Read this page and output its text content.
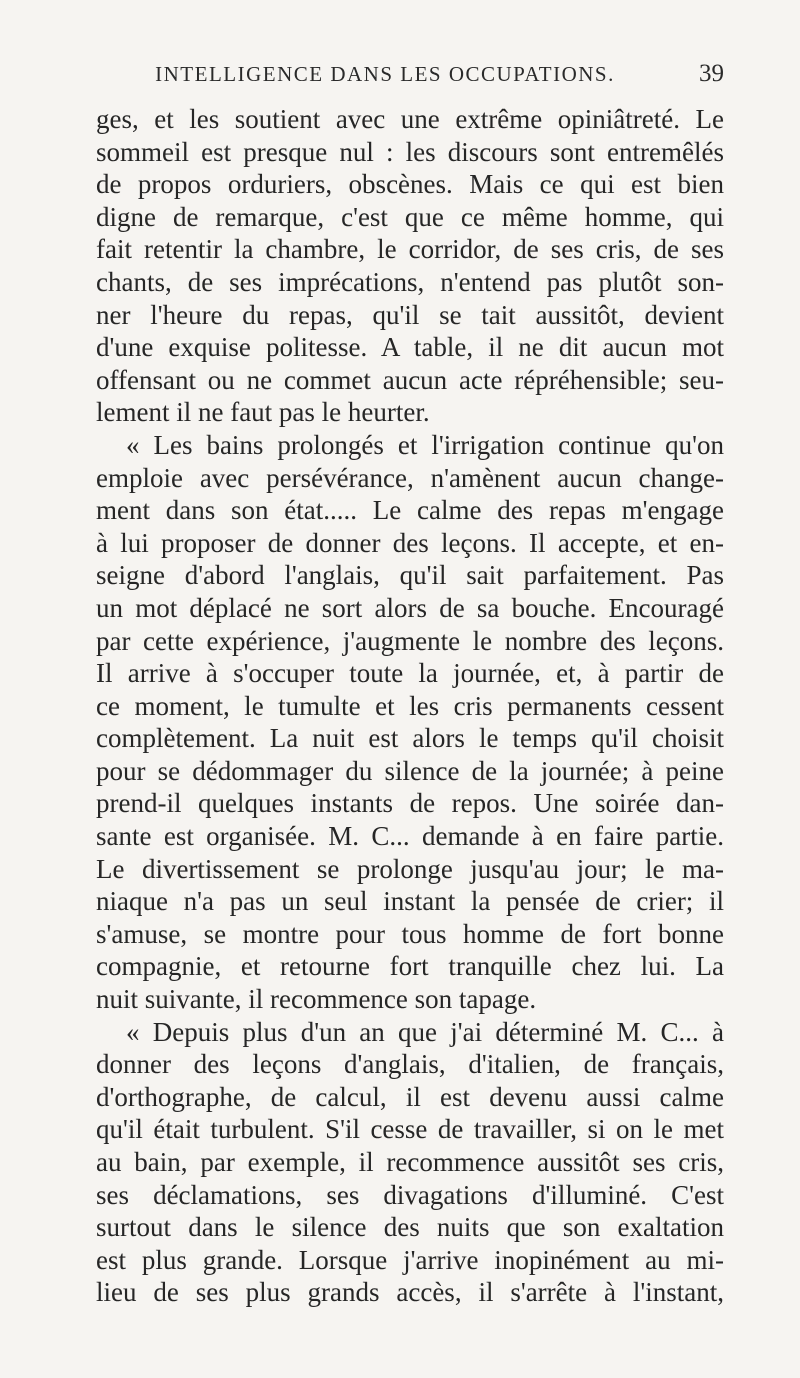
INTELLIGENCE DANS LES OCCUPATIONS.	39
ges, et les soutient avec une extrême opiniâtreté. Le
sommeil est presque nul : les discours sont entremêlés
de propos orduriers, obscènes. Mais ce qui est bien
digne de remarque, c'est que ce même homme, qui
fait retentir la chambre, le corridor, de ses cris, de ses
chants, de ses imprécations, n'entend pas plutôt son-
ner l'heure du repas, qu'il se tait aussitôt, devient
d'une exquise politesse. A table, il ne dit aucun mot
offensant ou ne commet aucun acte répréhensible; seu-
lement il ne faut pas le heurter.
« Les bains prolongés et l'irrigation continue qu'on
emploie avec persévérance, n'amènent aucun change-
ment dans son état..... Le calme des repas m'engage
à lui proposer de donner des leçons. Il accepte, et en-
seigne d'abord l'anglais, qu'il sait parfaitement. Pas
un mot déplacé ne sort alors de sa bouche. Encouragé
par cette expérience, j'augmente le nombre des leçons.
Il arrive à s'occuper toute la journée, et, à partir de
ce moment, le tumulte et les cris permanents cessent
complètement. La nuit est alors le temps qu'il choisit
pour se dédommager du silence de la journée; à peine
prend-il quelques instants de repos. Une soirée dan-
sante est organisée. M. C... demande à en faire partie.
Le divertissement se prolonge jusqu'au jour; le ma-
niaque n'a pas un seul instant la pensée de crier; il
s'amuse, se montre pour tous homme de fort bonne
compagnie, et retourne fort tranquille chez lui. La
nuit suivante, il recommence son tapage.
« Depuis plus d'un an que j'ai déterminé M. C... à
donner des leçons d'anglais, d'italien, de français,
d'orthographe, de calcul, il est devenu aussi calme
qu'il était turbulent. S'il cesse de travailler, si on le met
au bain, par exemple, il recommence aussitôt ses cris,
ses déclamations, ses divagations d'illuminé. C'est
surtout dans le silence des nuits que son exaltation
est plus grande. Lorsque j'arrive inopinément au mi-
lieu de ses plus grands accès, il s'arrête à l'instant,
